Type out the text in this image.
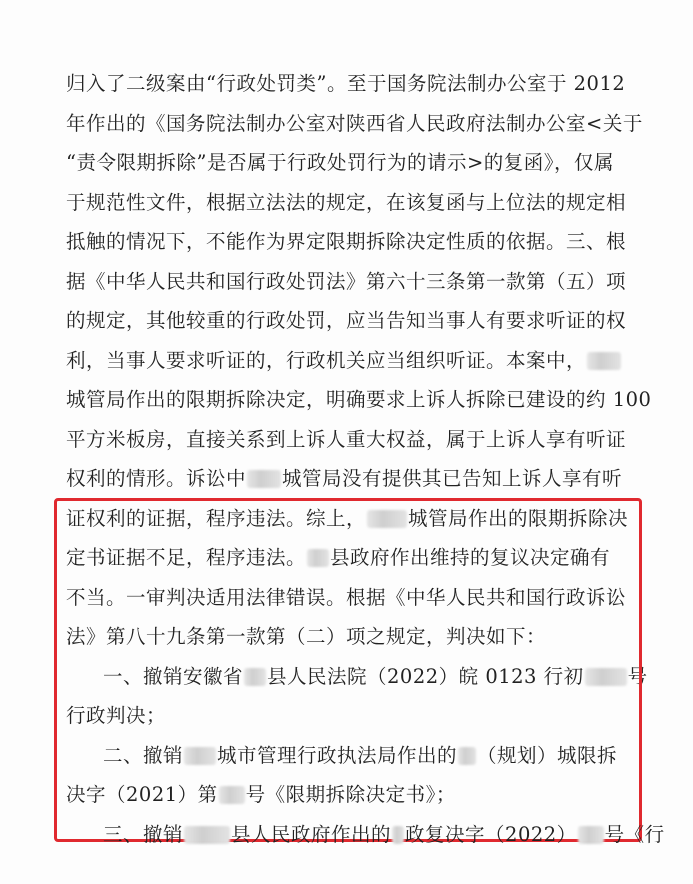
归入了二级案由“行政处罚类”。至于国务院法制办公室于 2012
年作出的《国务院法制办公室对陕西省人民政府法制办公室<关于
“责令限期拆除”是否属于行政处罚行为的请示>的复函》，仅属
于规范性文件，根据立法法的规定，在该复函与上位法的规定相
抵触的情况下，不能作为界定限期拆除决定性质的依据。三、根
据《中华人民共和国行政处罚法》第六十三条第一款第（五）项
的规定，其他较重的行政处罚，应当告知当事人有要求听证的权
利，当事人要求听证的，行政机关应当组织听证。本案中，
城管局作出的限期拆除决定，明确要求上诉人拆除已建设的约 100
平方米板房，直接关系到上诉人重大权益，属于上诉人享有听证
权利的情形。诉讼中 城管局没有提供其已告知上诉人享有听
证权利的证据，程序违法。综上， 城管局作出的限期拆除决
定书证据不足，程序违法。 县政府作出维持的复议决定确有
不当。一审判决适用法律错误。根据《中华人民共和国行政诉讼
法》第八十九条第一款第（二）项之规定，判决如下：
一、撤销安徽省 县人民法院（2022）皖 0123 行初 号
行政判决；
二、撤销 城市管理行政执法局作出的 （规划）城限拆
决字（2021）第 号《限期拆除决定书》；
三、撤销 县人民政府作出的 政复决字（2022） 号《行
